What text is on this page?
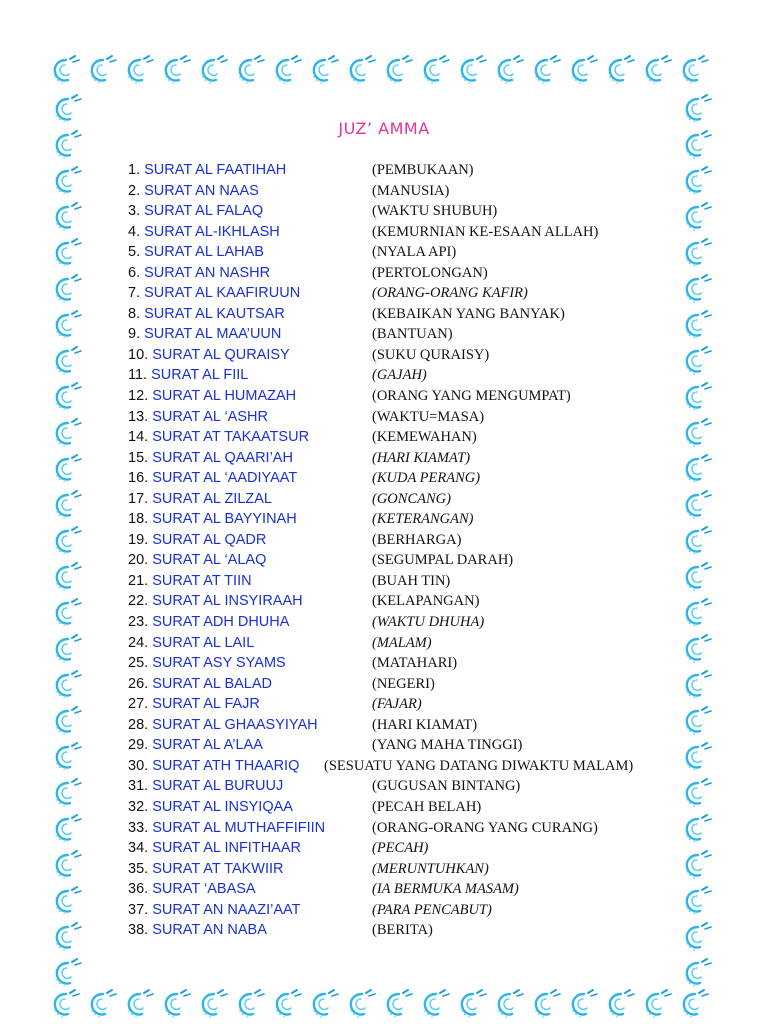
JUZ’ AMMA
1. SURAT AL FAATIHAH	(PEMBUKAAN)
2. SURAT AN NAAS	(MANUSIA)
3. SURAT AL FALAQ	(WAKTU SHUBUH)
4. SURAT AL-IKHLASH	(KEMURNIAN KE-ESAAN ALLAH)
5. SURAT AL LAHAB	(NYALA API)
6. SURAT AN NASHR	(PERTOLONGAN)
7. SURAT AL KAAFIRUUN	(ORANG-ORANG KAFIR)
8. SURAT AL KAUTSAR	(KEBAIKAN YANG BANYAK)
9. SURAT AL MAA’UUN	(BANTUAN)
10. SURAT AL QURAISY	(SUKU QURAISY)
11. SURAT AL FIIL	(GAJAH)
12. SURAT AL HUMAZAH	(ORANG YANG MENGUMPAT)
13. SURAT AL ‘ASHR	(WAKTU=MASA)
14. SURAT AT TAKAATSUR	(KEMEWAHAN)
15. SURAT AL QAARI’AH	(HARI KIAMAT)
16. SURAT AL ‘AADIYAAT	(KUDA PERANG)
17. SURAT AL ZILZAL	(GONCANG)
18. SURAT AL BAYYINAH	(KETERANGAN)
19. SURAT AL QADR	(BERHARGA)
20. SURAT AL ‘ALAQ	(SEGUMPAL DARAH)
21. SURAT AT TIIN	(BUAH TIN)
22. SURAT AL INSYIRAAH	(KELAPANGAN)
23. SURAT ADH DHUHA	(WAKTU DHUHA)
24. SURAT AL LAIL	(MALAM)
25. SURAT ASY SYAMS	(MATAHARI)
26. SURAT AL BALAD	(NEGERI)
27. SURAT AL FAJR	(FAJAR)
28. SURAT AL GHAASYIYAH	(HARI KIAMAT)
29. SURAT AL A’LAA	(YANG MAHA TINGGI)
30. SURAT ATH THAARIQ (SESUATU YANG DATANG DIWAKTU MALAM)
31. SURAT AL BURUUJ	(GUGUSAN BINTANG)
32. SURAT AL INSYIQAA	(PECAH BELAH)
33. SURAT AL MUTHAFFIFIIN	(ORANG-ORANG YANG CURANG)
34. SURAT AL INFITHAAR	(PECAH)
35. SURAT AT TAKWIIR	(MERUNTUHKAN)
36. SURAT ‘ABASA	(IA BERMUKA MASAM)
37. SURAT AN NAAZI’AAT	(PARA PENCABUT)
38. SURAT AN NABA	(BERITA)
